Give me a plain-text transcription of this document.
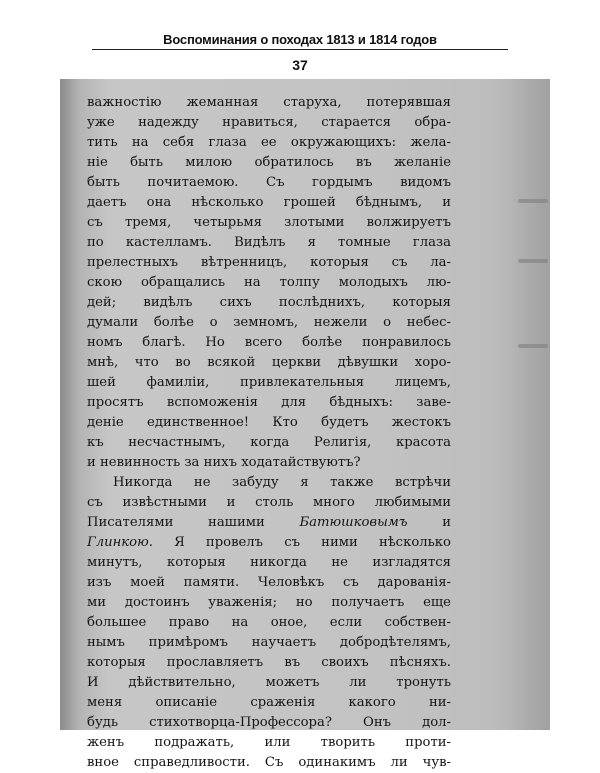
Воспоминания о походах 1813 и 1814 годов
37
важностію жеманная старуха, потерявшая
уже надежду нравиться, старается обра-
тить на себя глаза ее окружающихъ: жела-
ніе быть милою обратилось въ желаніе
быть почитаемою. Съ гордымъ видомъ
даетъ она нѣсколько грошей бѣднымъ, и
съ тремя, четырьмя злотыми волжируетъ
по кастелламъ. Видѣлъ я томные глаза
прелестныхъ вѣтренницъ, которыя съ ла-
скою обращались на толпу молодыхъ лю-
дей; видѣлъ сихъ послѣднихъ, которыя
думали болѣе о земномъ, нежели о небес-
номъ благѣ. Но всего болѣе понравилось
мнѣ, что во всякой церкви дѣвушки хоро-
шей фамиліи, привлекательныя лицемъ,
просятъ вспоможенія для бѣдныхъ: заве-
деніе единственное! Кто будетъ жестокъ
къ несчастнымъ, когда Религія, красота
и невинность за нихъ ходатайствуютъ?
Никогда не забуду я также встрѣчи
съ извѣстными и столь много любимыми
Писателями нашими Батюшковымъ и
Глинкою. Я провелъ съ ними нѣсколько
минутъ, которыя никогда не изгладятся
изъ моей памяти. Человѣкъ съ дарованія-
ми достоинъ уваженія; но получаетъ еще
большее право на оное, если собствен-
нымъ примѣромъ научаетъ добродѣтелямъ,
которыя прославляетъ въ своихъ пѣсняхъ.
И дѣйствительно, можетъ ли тронуть
меня описаніе сраженія какого ни-
будь стихотворца-Профессора? Онъ дол-
женъ подражать, или творить проти-
вное справедливости. Съ одинакимъ ли чув-
